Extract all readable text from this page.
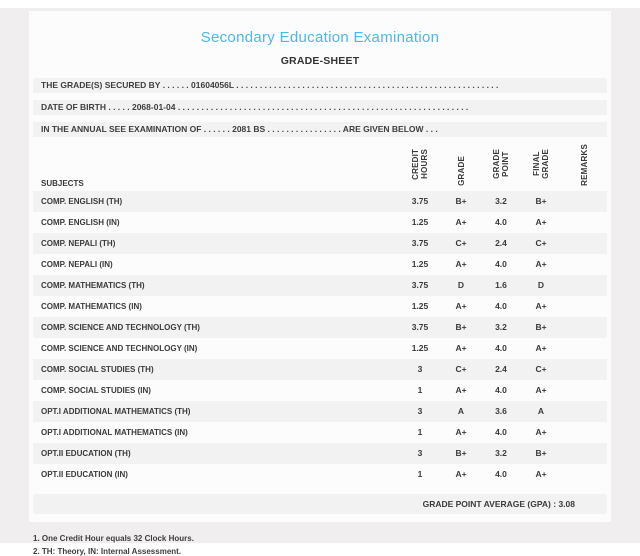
Secondary Education Examination
GRADE-SHEET
THE GRADE(S) SECURED BY . . . . . . 01604056L . . . . . . . . . . . . . . . . . . . . . . . . . . . . . . . . . . . . . . . . . . . . . . . . . . . . . . . .
DATE OF BIRTH . . . . . 2068-01-04 . . . . . . . . . . . . . . . . . . . . . . . . . . . . . . . . . . . . . . . . . . . . . . . . . . . . . . . . . . . . . .
IN THE ANNUAL SEE EXAMINATION OF . . . . . . 2081 BS . . . . . . . . . . . . . . . . ARE GIVEN BELOW . . .
SUBJECTS	CREDIT HOURS	GRADE	GRADE POINT	FINAL GRADE	REMARKS
COMP. ENGLISH (TH)	3.75	B+	3.2	B+	
COMP. ENGLISH (IN)	1.25	A+	4.0	A+	
COMP. NEPALI (TH)	3.75	C+	2.4	C+	
COMP. NEPALI (IN)	1.25	A+	4.0	A+	
COMP. MATHEMATICS (TH)	3.75	D	1.6	D	
COMP. MATHEMATICS (IN)	1.25	A+	4.0	A+	
COMP. SCIENCE AND TECHNOLOGY (TH)	3.75	B+	3.2	B+	
COMP. SCIENCE AND TECHNOLOGY (IN)	1.25	A+	4.0	A+	
COMP. SOCIAL STUDIES (TH)	3	C+	2.4	C+	
COMP. SOCIAL STUDIES (IN)	1	A+	4.0	A+	
OPT.I ADDITIONAL MATHEMATICS (TH)	3	A	3.6	A	
OPT.I ADDITIONAL MATHEMATICS (IN)	1	A+	4.0	A+	
OPT.II EDUCATION (TH)	3	B+	3.2	B+	
OPT.II EDUCATION (IN)	1	A+	4.0	A+	
GRADE POINT AVERAGE (GPA) : 3.08
1. One Credit Hour equals 32 Clock Hours.
2. TH: Theory, IN: Internal Assessment.
